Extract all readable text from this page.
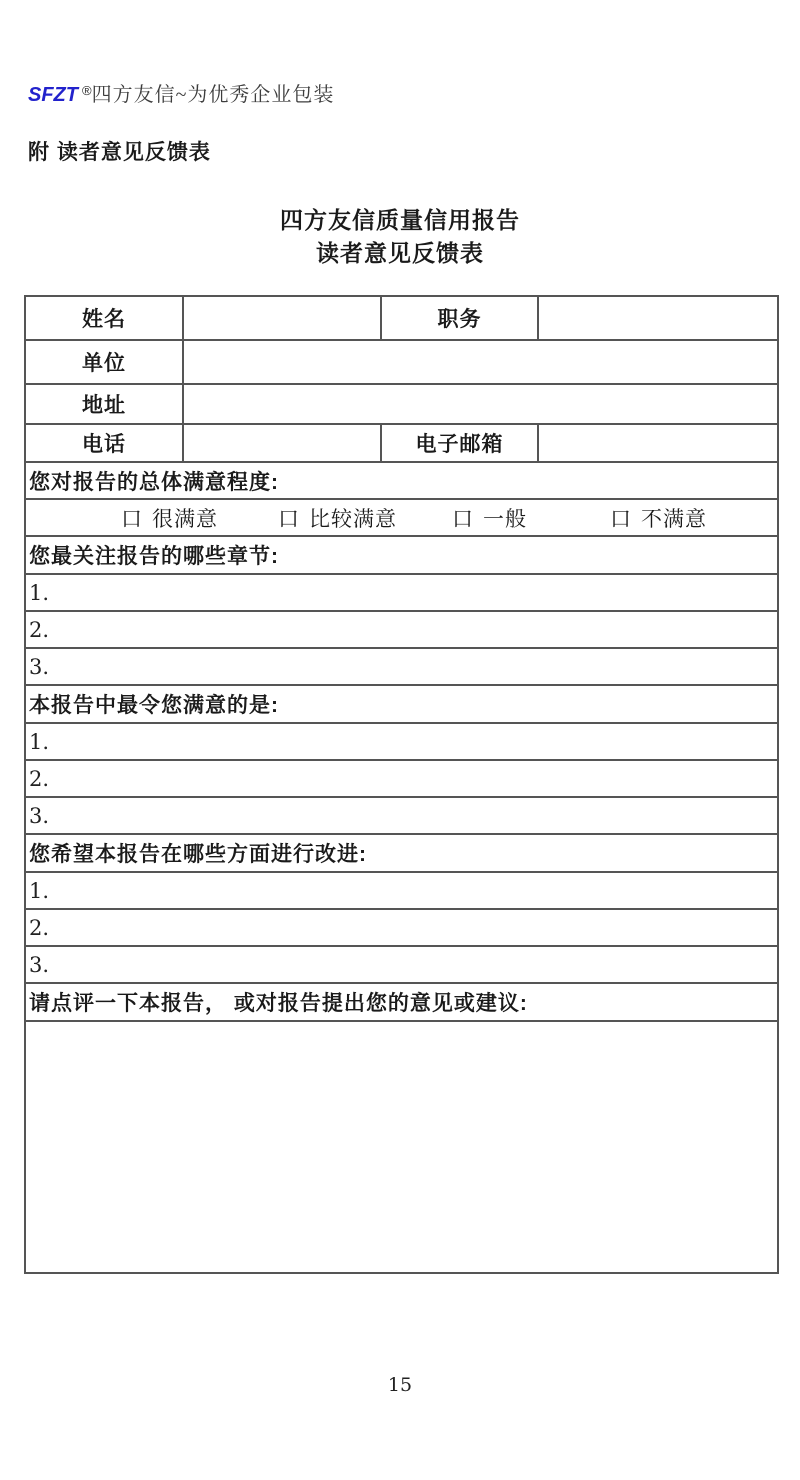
SFZT ®四方友信~为优秀企业包装
附 读者意见反馈表
四方友信质量信用报告
读者意见反馈表
姓名		职务	
单位			
地址			
电话		电子邮箱	
您对报告的总体满意程度:			
口 很满意 口 比较满意 口 一般 口 不满意			
您最关注报告的哪些章节:			
1.			
2.			
3.			
本报告中最令您满意的是:			
1.			
2.			
3.			
您希望本报告在哪些方面进行改进:			
1.			
2.			
3.			
请点评一下本报告， 或对报告提出您的意见或建议:			

15
